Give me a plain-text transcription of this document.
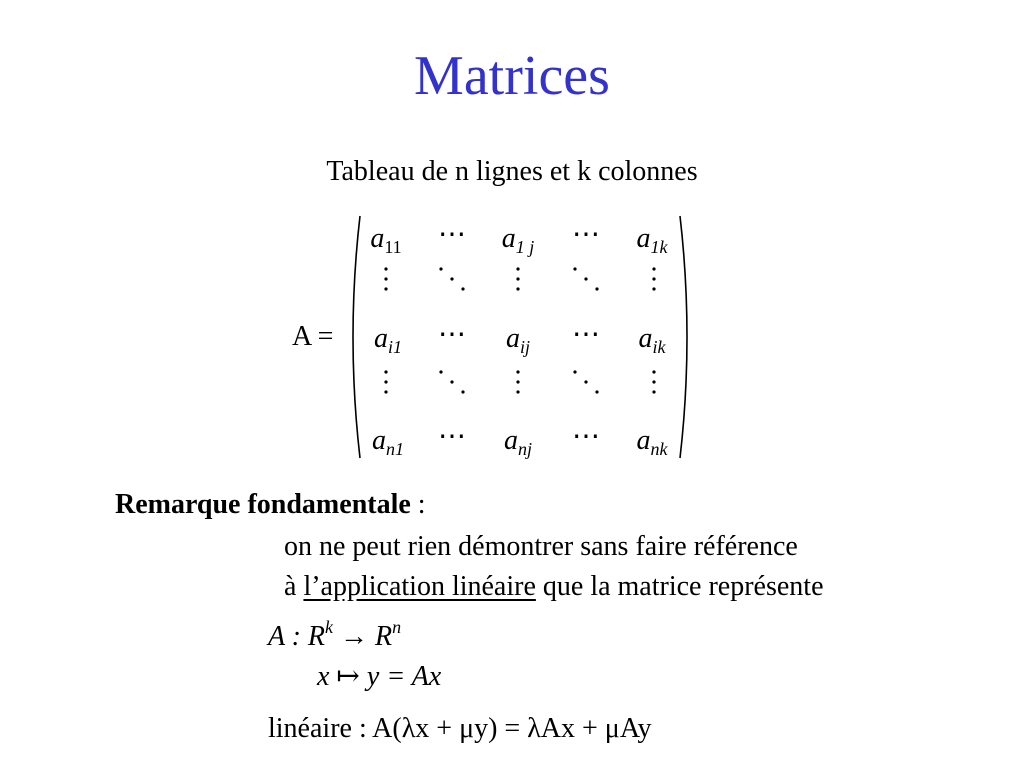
Matrices
Tableau de n lignes et k colonnes
A =
$a_{11}$ ⋯ $a_{1 j}$ ⋯ $a_{1k}$
$a_{i1}$ ⋯ $a_{ij}$ ⋯ $a_{ik}$
$a_{n1}$ ⋯ $a_{nj}$ ⋯ $a_{nk}$
Remarque fondamentale :
on ne peut rien démontrer sans faire référence
à l’application linéaire que la matrice représente
A : $R^k \to R^n$
x ↦ y = Ax
linéaire : A(λx + μy) = λAx + μAy
